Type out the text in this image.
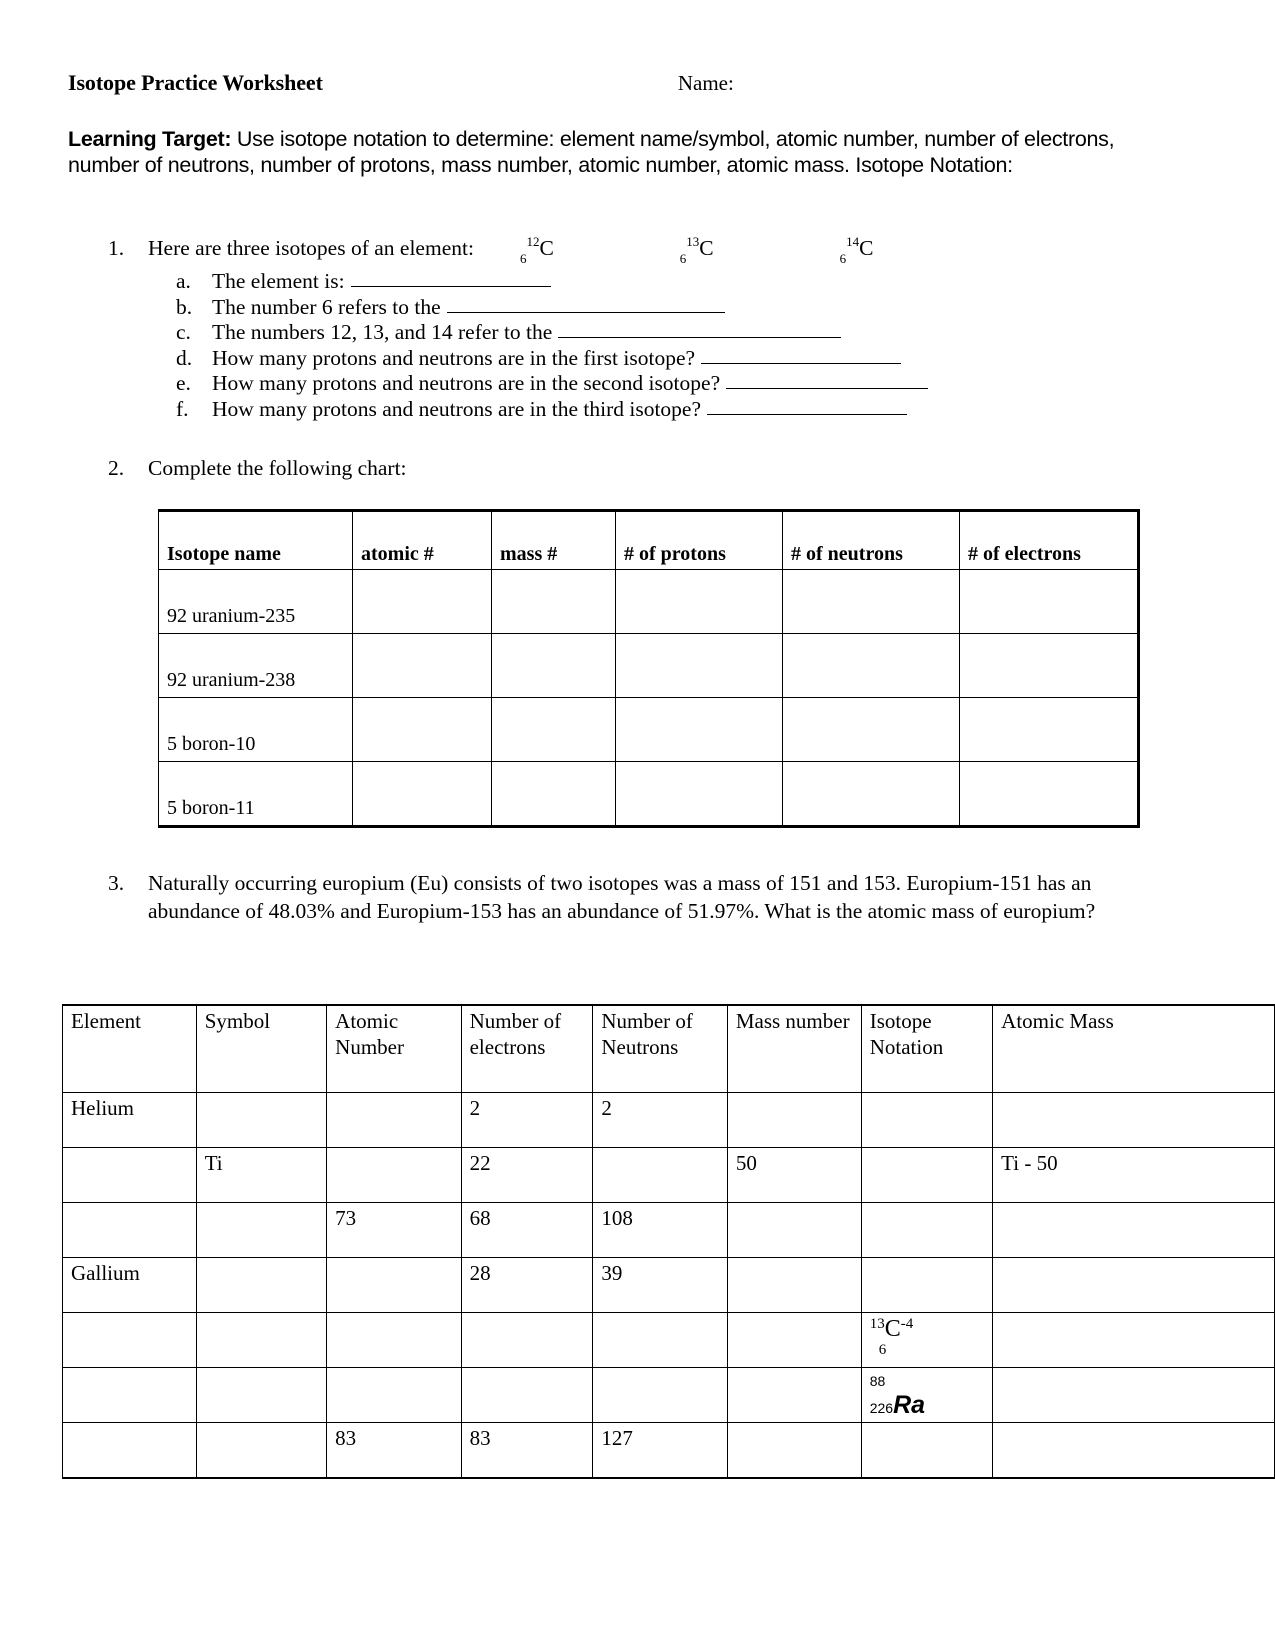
Isotope Practice Worksheet	Name:
Learning Target: Use isotope notation to determine: element name/symbol, atomic number, number of electrons, number of neutrons, number of protons, mass number, atomic number, atomic mass. Isotope Notation:
1.	Here are three isotopes of an element:	$_6^{12}$C	$_6^{13}$C	$_6^{14}$C
a. The element is:
b. The number 6 refers to the
c. The numbers 12, 13, and 14 refer to the
d. How many protons and neutrons are in the first isotope?
e. How many protons and neutrons are in the second isotope?
f.	How many protons and neutrons are in the third isotope?
2.	Complete the following chart:
Isotope name	atomic #	mass #	# of protons	# of neutrons	# of electrons
92 uranium-235					
92 uranium-238					
5 boron-10					
5 boron-11					
3.	Naturally occurring europium (Eu) consists of two isotopes was a mass of 151 and 153. Europium-151 has an abundance of 48.03% and Europium-153 has an abundance of 51.97%. What is the atomic mass of europium?
Element	Symbol	Atomic Number	Number of electrons	Number of Neutrons	Mass number	Isotope Notation	Atomic Mass
Helium			2	2			
	Ti		22		50		Ti - 50
		73	68	108			
Gallium			28	39			

						$^{13}C^{-4}$
6	

						88
226Ra	

		83	83	127			
